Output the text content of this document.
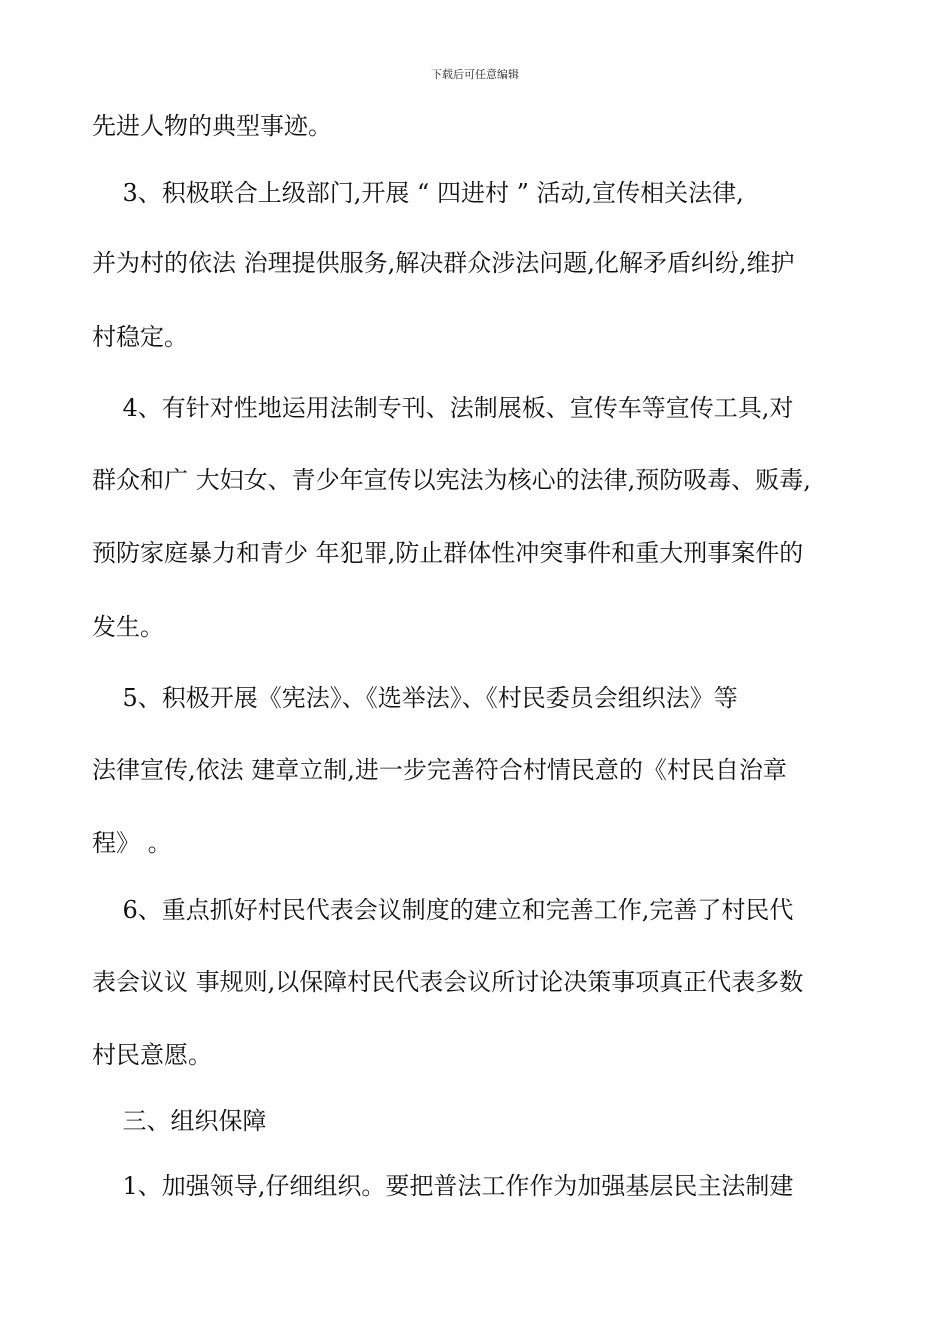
下载后可任意编辑
先进人物的典型事迹。
3、积极联合上级部门,开展 “ 四进村 ” 活动,宣传相关法律,
并为村的依法 治理提供服务,解决群众涉法问题,化解矛盾纠纷,维护
村稳定。
4、有针对性地运用法制专刊、法制展板、宣传车等宣传工具,对
群众和广 大妇女、青少年宣传以宪法为核心的法律,预防吸毒、贩毒,
预防家庭暴力和青少 年犯罪,防止群体性冲突事件和重大刑事案件的
发生。
5、积极开展《宪法》、《选举法》、《村民委员会组织法》等
法律宣传,依法 建章立制,进一步完善符合村情民意的《村民自治章
程》 。
6、重点抓好村民代表会议制度的建立和完善工作,完善了村民代
表会议议 事规则,以保障村民代表会议所讨论决策事项真正代表多数
村民意愿。
三、组织保障
1、加强领导,仔细组织。要把普法工作作为加强基层民主法制建
